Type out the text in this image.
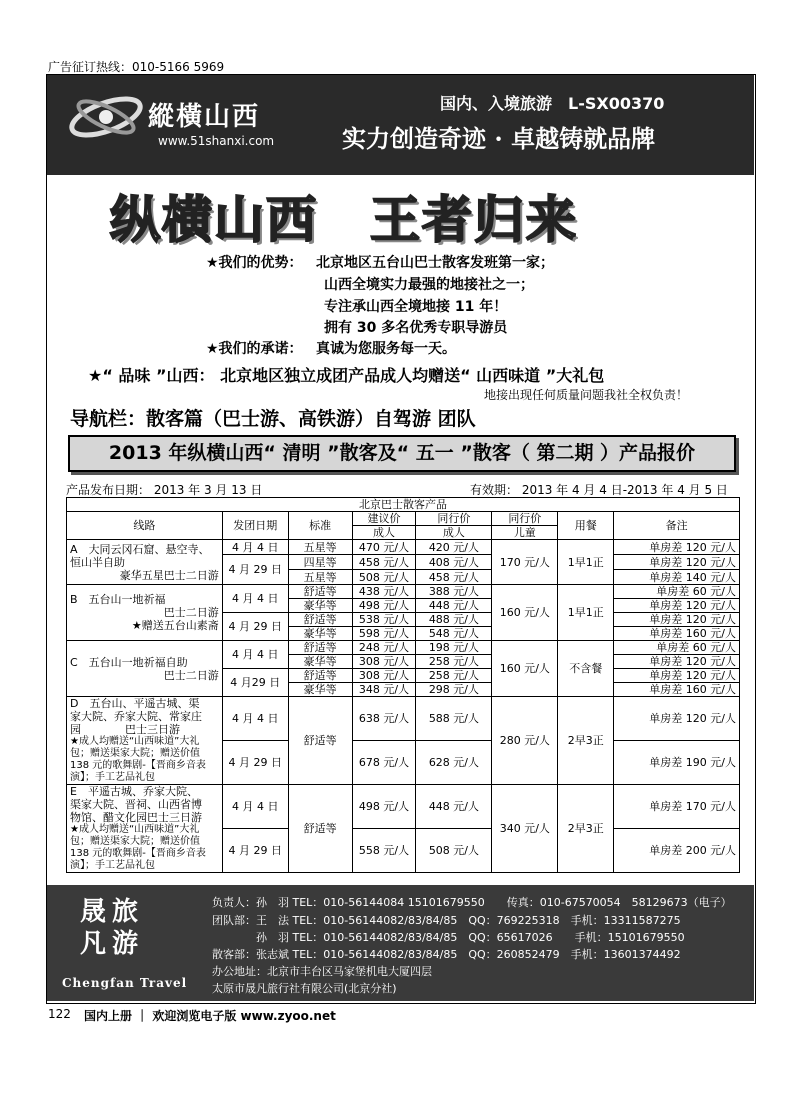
广告征订热线：010-5166 5969
縱橫山西
www.51shanxi.com
国内、入境旅游　L-SX00370
实力创造奇迹 · 卓越铸就品牌
纵横山西　王者归来
★我们的优势： 北京地区五台山巴士散客发班第一家；
山西全境实力最强的地接社之一；
专注承山西全境地接 11 年！
拥有 30 多名优秀专职导游员
★我们的承诺： 真诚为您服务每一天。
★“ 品味 ”山西： 北京地区独立成团产品成人均赠送“ 山西味道 ”大礼包
地接出现任何质量问题我社全权负责！
导航栏：散客篇（巴士游、高铁游）自驾游 团队
2013 年纵横山西“ 清明 ”散客及“ 五一 ”散客（ 第二期 ）产品报价
产品发布日期： 2013 年 3 月 13 日	有效期： 2013 年 4 月 4 日-2013 年 4 月 5 日
北京巴士散客产品							
线路	发团日期	标准	建议价	同行价	同行价	用餐	备注
			成人	成人	儿童		

A　大同云冈石窟、悬空寺、
恒山半自助
豪华五星巴士二日游	4 月 4 日	五星等	470 元/人	420 元/人	170 元/人	1早1正	单房差 120 元/人
	4 月 29 日	四星等	458 元/人	408 元/人			单房差 120 元/人
		五星等	508 元/人	458 元/人			单房差 140 元/人

B　五台山一地祈福
巴士二日游
★赠送五台山素斋	4 月 4 日	舒适等	438 元/人	388 元/人	160 元/人	1早1正	单房差 60 元/人
		豪华等	498 元/人	448 元/人			单房差 120 元/人
	4 月 29 日	舒适等	538 元/人	488 元/人			单房差 120 元/人
		豪华等	598 元/人	548 元/人			单房差 160 元/人

C　五台山一地祈福自助
巴士二日游	4 月 4 日	舒适等	248 元/人	198 元/人	160 元/人	不含餐	单房差 60 元/人
		豪华等	308 元/人	258 元/人			单房差 120 元/人
	4 月29 日	舒适等	308 元/人	258 元/人			单房差 120 元/人
		豪华等	348 元/人	298 元/人			单房差 160 元/人

D　五台山、平遥古城、渠
家大院、乔家大院、常家庄
园　　　　巴士三日游
★成人均赠送“山西味道”大礼包；赠送渠家大院；赠送价值138 元的歌舞剧-【晋商乡音表演】；手工艺品礼包	4 月 4 日	舒适等	638 元/人	588 元/人	280 元/人	2早3正	单房差 120 元/人
	4 月 29 日		678 元/人	628 元/人			单房差 190 元/人

E　平遥古城、乔家大院、
渠家大院、晋祠、山西省博
物馆、醋文化园巴士三日游
★成人均赠送“山西味道”大礼包；赠送渠家大院；赠送价值138 元的歌舞剧-【晋商乡音表演】；手工艺品礼包	4 月 4 日	舒适等	498 元/人	448 元/人	340 元/人	2早3正	单房差 170 元/人
	4 月 29 日		558 元/人	508 元/人			单房差 200 元/人
晟旅
凡游
Chengfan Travel
负责人：孙　羽 TEL：010-56144084 15101679550　　传真：010-67570054　58129673（电子）
团队部：王　法 TEL：010-56144082/83/84/85　QQ：769225318　手机：13311587275
　　　　孙　羽 TEL：010-56144082/83/84/85　QQ：65617026　　手机：15101679550
散客部：张志斌 TEL：010-56144082/83/84/85　QQ：260852479　手机：13601374492
办公地址：北京市丰台区马家堡机电大厦四层
太原市晟凡旅行社有限公司(北京分社)
122 国内上册 ｜ 欢迎浏览电子版 www.zyoo.net
